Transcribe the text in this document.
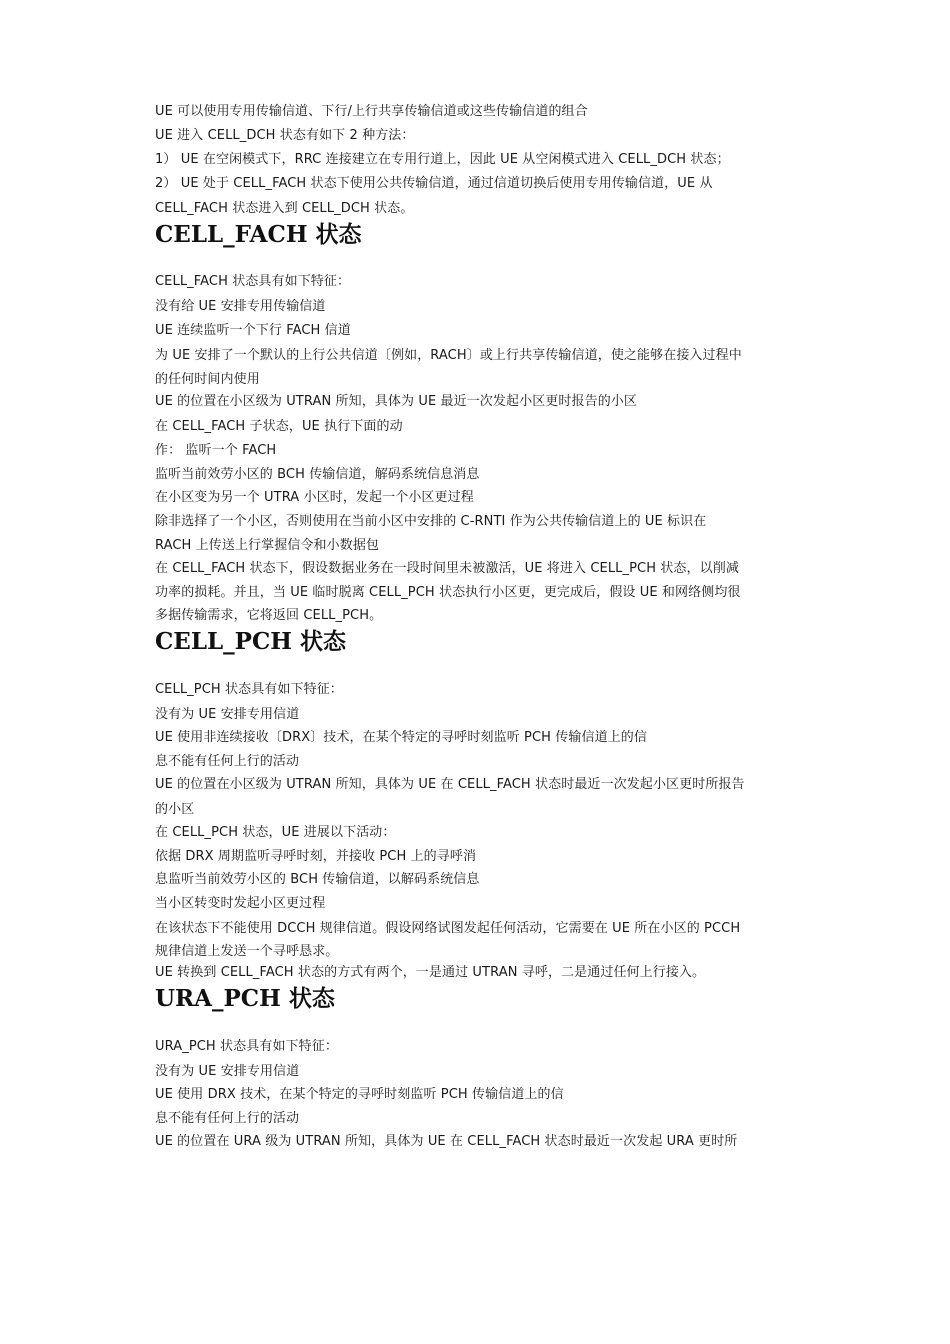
UE 可以使用专用传输信道、下行/上行共享传输信道或这些传输信道的组合

UE 进入 CELL_DCH 状态有如下 2 种方法：

1） UE 在空闲模式下，RRC 连接建立在专用行道上，因此 UE 从空闲模式进入 CELL_DCH 状态；

2） UE 处于 CELL_FACH 状态下使用公共传输信道，通过信道切换后使用专用传输信道，UE 从

CELL_FACH 状态进入到 CELL_DCH 状态。

CELL_FACH 状态

CELL_FACH 状态具有如下特征：

没有给 UE 安排专用传输信道

UE 连续监听一个下行 FACH 信道

为 UE 安排了一个默认的上行公共信道〔例如，RACH〕或上行共享传输信道，使之能够在接入过程中

的任何时间内使用

UE 的位置在小区级为 UTRAN 所知，具体为 UE 最近一次发起小区更时报告的小区

在 CELL_FACH 子状态，UE 执行下面的动

作： 监听一个 FACH

监听当前效劳小区的 BCH 传输信道，解码系统信息消息

在小区变为另一个 UTRA 小区时，发起一个小区更过程

除非选择了一个小区，否则使用在当前小区中安排的 C-RNTI 作为公共传输信道上的 UE 标识在

RACH 上传送上行掌握信令和小数据包

在 CELL_FACH 状态下，假设数据业务在一段时间里未被激活，UE 将进入 CELL_PCH 状态，以削减

功率的损耗。并且，当 UE 临时脱离 CELL_PCH 状态执行小区更，更完成后，假设 UE 和网络侧均很

多据传输需求，它将返回 CELL_PCH。

CELL_PCH 状态

CELL_PCH 状态具有如下特征：

没有为 UE 安排专用信道

UE 使用非连续接收〔DRX〕技术，在某个特定的寻呼时刻监听 PCH 传输信道上的信

息不能有任何上行的活动

UE 的位置在小区级为 UTRAN 所知，具体为 UE 在 CELL_FACH 状态时最近一次发起小区更时所报告

的小区

在 CELL_PCH 状态，UE 进展以下活动：

依据 DRX 周期监听寻呼时刻，并接收 PCH 上的寻呼消

息监听当前效劳小区的 BCH 传输信道，以解码系统信息

当小区转变时发起小区更过程

在该状态下不能使用 DCCH 规律信道。假设网络试图发起任何活动，它需要在 UE 所在小区的 PCCH

规律信道上发送一个寻呼恳求。

UE 转换到 CELL_FACH 状态的方式有两个，一是通过 UTRAN 寻呼，二是通过任何上行接入。

URA_PCH 状态

URA_PCH 状态具有如下特征：

没有为 UE 安排专用信道

UE 使用 DRX 技术，在某个特定的寻呼时刻监听 PCH 传输信道上的信

息不能有任何上行的活动

UE 的位置在 URA 级为 UTRAN 所知，具体为 UE 在 CELL_FACH 状态时最近一次发起 URA 更时所
